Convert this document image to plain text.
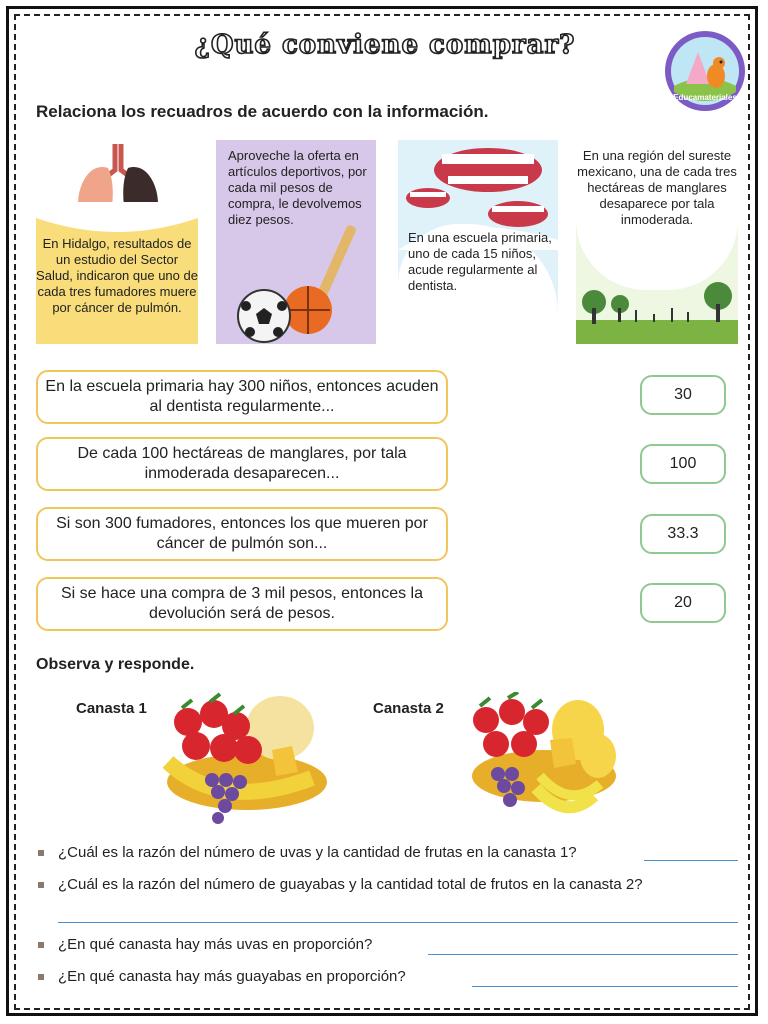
¿Qué conviene comprar?
Educamateriales
Relaciona los recuadros de acuerdo con la información.
En Hidalgo, resultados de un estudio del Sector Salud, indicaron que uno de cada tres fumadores muere por cáncer de pulmón.
Aproveche la oferta en artículos deportivos, por cada mil pesos de compra, le devolvemos diez pesos.
En una escuela primaria, uno de cada 15 niños, acude regularmente al dentista.
En una región del sureste mexicano, una de cada tres hectáreas de manglares desaparece por tala inmoderada.
En la escuela primaria hay 300 niños, entonces acuden al dentista regularmente...
De cada 100 hectáreas de manglares, por tala inmoderada desaparecen...
Si son 300 fumadores, entonces los que mueren por cáncer de pulmón son...
Si se hace una compra de 3 mil pesos, entonces la devolución será de pesos.
30
100
33.3
20
Observa y responde.
Canasta 1	Canasta 2
¿Cuál es la razón del número de uvas y la cantidad de frutas en la canasta 1?
¿Cuál es la razón del número de guayabas y la cantidad total de frutos en la canasta 2?
¿En qué canasta hay más uvas en proporción?
¿En qué canasta hay más guayabas en proporción?
